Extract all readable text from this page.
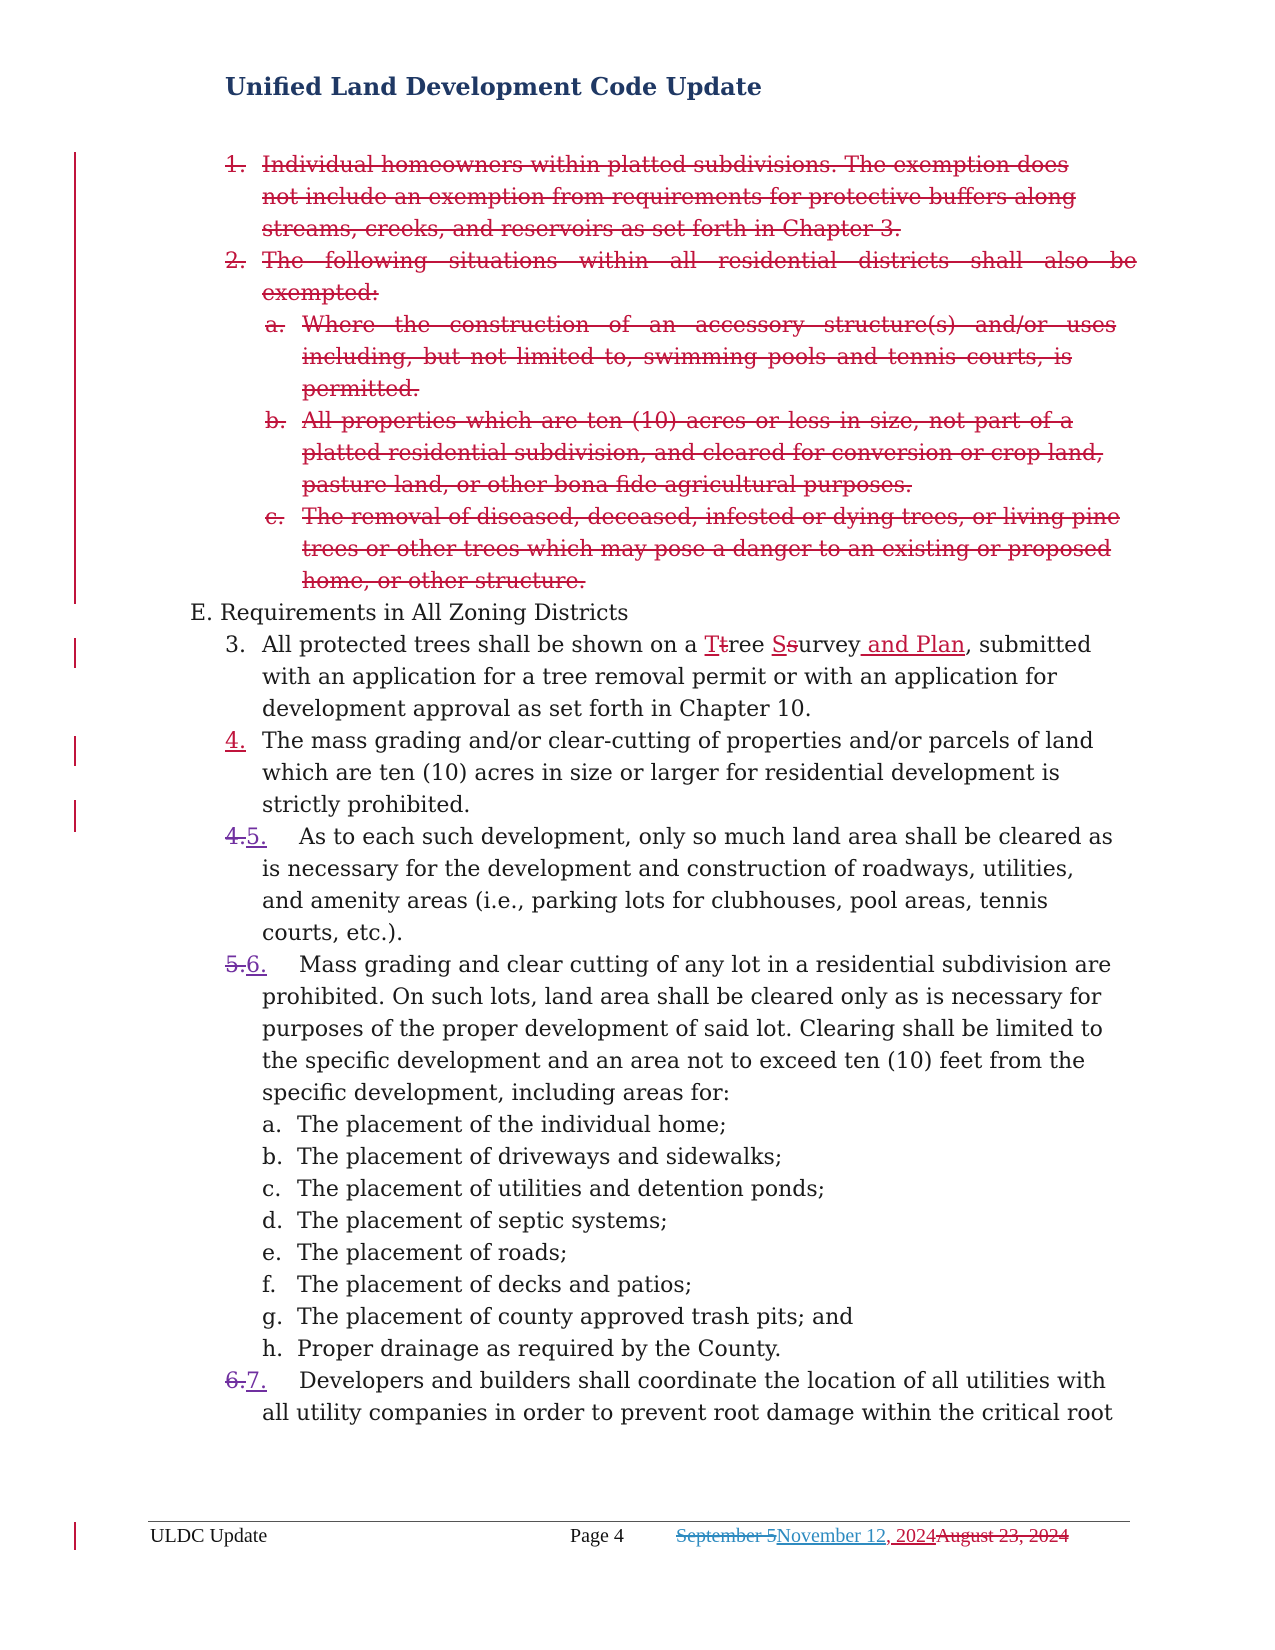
Unified Land Development Code Update
1. Individual homeowners within platted subdivisions. The exemption does
not include an exemption from requirements for protective buffers along
streams, creeks, and reservoirs as set forth in Chapter 3.
2. The following situations within all residential districts shall also be
exempted:
a. Where the construction of an accessory structure(s) and/or uses
including, but not limited to, swimming pools and tennis courts, is
permitted.
b. All properties which are ten (10) acres or less in size, not part of a
platted residential subdivision, and cleared for conversion or crop land,
pasture land, or other bona fide agricultural purposes.
c. The removal of diseased, deceased, infested or dying trees, or living pine
trees or other trees which may pose a danger to an existing or proposed
home, or other structure.
E. Requirements in All Zoning Districts
3. All protected trees shall be shown on a Ttree Ssurvey and Plan, submitted
with an application for a tree removal permit or with an application for
development approval as set forth in Chapter 10.
4. The mass grading and/or clear-cutting of properties and/or parcels of land
which are ten (10) acres in size or larger for residential development is
strictly prohibited.
4.5.	As to each such development, only so much land area shall be cleared as
is necessary for the development and construction of roadways, utilities,
and amenity areas (i.e., parking lots for clubhouses, pool areas, tennis
courts, etc.).
5.6.	Mass grading and clear cutting of any lot in a residential subdivision are
prohibited. On such lots, land area shall be cleared only as is necessary for
purposes of the proper development of said lot. Clearing shall be limited to
the specific development and an area not to exceed ten (10) feet from the
specific development, including areas for:
a. The placement of the individual home;
b. The placement of driveways and sidewalks;
c. The placement of utilities and detention ponds;
d. The placement of septic systems;
e. The placement of roads;
f. The placement of decks and patios;
g. The placement of county approved trash pits; and
h. Proper drainage as required by the County.
6.7.	Developers and builders shall coordinate the location of all utilities with
all utility companies in order to prevent root damage within the critical root
ULDC Update	Page 4	September 5November 12, 2024August 23, 2024
